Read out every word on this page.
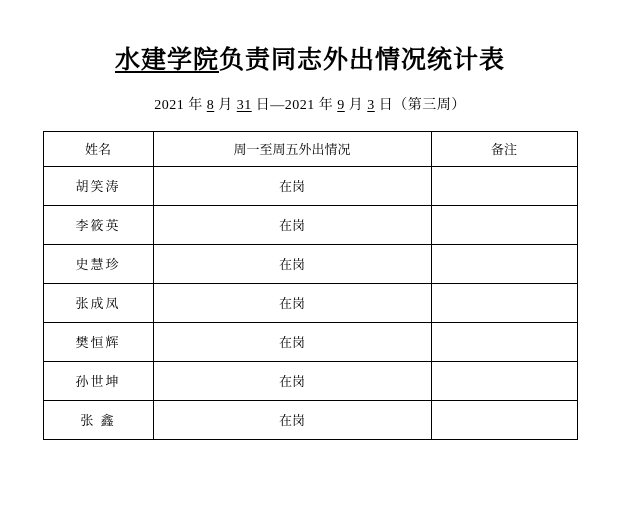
水建学院负责同志外出情况统计表
2021 年 8 月 31 日—2021 年 9 月 3 日（第三周）
姓名	周一至周五外出情况	备注
胡笑涛	在岗	
李筱英	在岗	
史慧珍	在岗	
张成凤	在岗	
樊恒辉	在岗	
孙世坤	在岗	
张 鑫	在岗	
